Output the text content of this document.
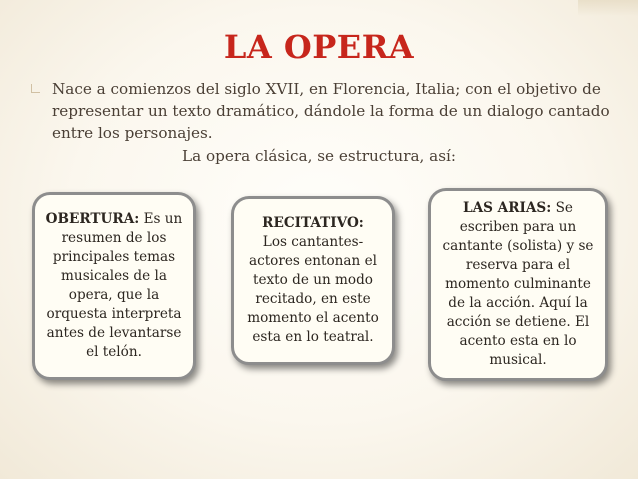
LA OPERA

Nace a comienzos del siglo XVII, en Florencia, Italia; con el objetivo de representar un texto dramático, dándole la forma de un dialogo cantado entre los personajes.

La opera clásica, se estructura, así:

OBERTURA: Es un resumen de los principales temas musicales de la opera, que la orquesta interpreta antes de levantarse el telón.

RECITATIVO:
Los cantantes-actores entonan el texto de un modo recitado, en este momento el acento esta en lo teatral.

LAS ARIAS: Se escriben para un cantante (solista) y se reserva para el momento culminante de la acción. Aquí la acción se detiene. El acento esta en lo musical.
